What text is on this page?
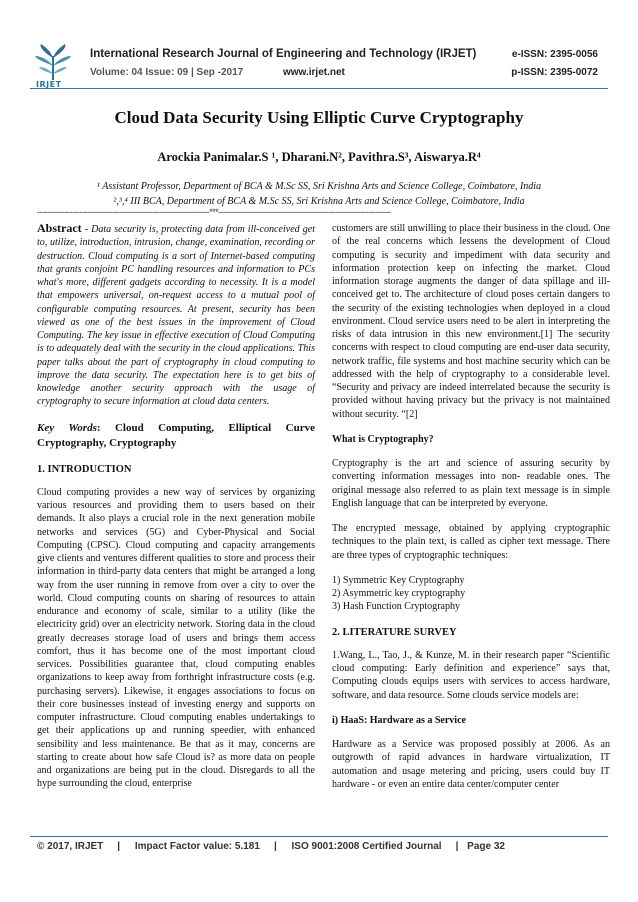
IRJET
International Research Journal of Engineering and Technology (IRJET)
Volume: 04 Issue: 09 | Sep -2017	www.irjet.net
e-ISSN: 2395-0056
p-ISSN: 2395-0072
Cloud Data Security Using Elliptic Curve Cryptography
Arockia Panimalar.S ¹, Dharani.N², Pavithra.S³, Aiswarya.R⁴
¹ Assistant Professor, Department of BCA & M.Sc SS, Sri Krishna Arts and Science College, Coimbatore, India
²,³,⁴ III BCA, Department of BCA & M.Sc SS, Sri Krishna Arts and Science College, Coimbatore, India
---------------------------------------------------------------------***---------------------------------------------------------------------

Abstract - Data security is, protecting data from ill-conceived get to, utilize, introduction, intrusion, change, examination, recording or destruction. Cloud computing is a sort of Internet-based computing that grants conjoint PC handling resources and information to PCs what's more, different gadgets according to necessity. It is a model that empowers universal, on-request access to a mutual pool of configurable computing resources. At present, security has been viewed as one of the best issues in the improvement of Cloud Computing. The key issue in effective execution of Cloud Computing is to adequately deal with the security in the cloud applications. This paper talks about the part of cryptography in cloud computing to improve the data security. The expectation here is to get bits of knowledge another security approach with the usage of cryptography to secure information at cloud data centers.

Key Words: Cloud Computing, Elliptical Curve Cryptography, Cryptography

1. INTRODUCTION

Cloud computing provides a new way of services by organizing various resources and providing them to users based on their demands. It also plays a crucial role in the next generation mobile networks and services (5G) and Cyber-Physical and Social Computing (CPSC). Cloud computing and capacity arrangements give clients and ventures different qualities to store and process their information in third-party data centers that might be arranged a long way from the user running in remove from over a city to over the world. Cloud computing counts on sharing of resources to attain endurance and economy of scale, similar to a utility (like the electricity grid) over an electricity network. Storing data in the cloud greatly decreases storage load of users and brings them access comfort, thus it has become one of the most important cloud services. Possibilities guarantee that, cloud computing enables organizations to keep away from forthright infrastructure costs (e.g. purchasing servers). Likewise, it engages associations to focus on their core businesses instead of investing energy and supports on computer infrastructure. Cloud computing enables undertakings to get their applications up and running speedier, with enhanced sensibility and less maintenance. Be that as it may, concerns are starting to create about how safe Cloud is? as more data on people and organizations are being put in the cloud. Disregards to all the hype surrounding the cloud, enterprise

customers are still unwilling to place their business in the cloud. One of the real concerns which lessens the development of Cloud computing is security and impediment with data security and information protection keep on infecting the market. Cloud information storage augments the danger of data spillage and ill-conceived get to. The architecture of cloud poses certain dangers to the security of the existing technologies when deployed in a cloud environment. Cloud service users need to be alert in interpreting the risks of data intrusion in this new environment.[1] The security concerns with respect to cloud computing are end-user data security, network traffic, file systems and host machine security which can be addressed with the help of cryptography to a considerable level. “Security and privacy are indeed interrelated because the security is provided without having privacy but the privacy is not maintained without security. “[2]

What is Cryptography?

Cryptography is the art and science of assuring security by converting information messages into non- readable ones. The original message also referred to as plain text message is in simple English language that can be interpreted by everyone.

The encrypted message, obtained by applying cryptographic techniques to the plain text, is called as cipher text message. There are three types of cryptographic techniques:

1) Symmetric Key Cryptography

2) Asymmetric key cryptography

3) Hash Function Cryptography

2. LITERATURE SURVEY

1.Wang, L., Tao, J., & Kunze, M. in their research paper “Scientific cloud computing: Early definition and experience” says that, Computing clouds equips users with services to access hardware, software, and data resource. Some clouds service models are:

i) HaaS: Hardware as a Service

Hardware as a Service was proposed possibly at 2006. As an outgrowth of rapid advances in hardware virtualization, IT automation and usage metering and pricing, users could buy IT hardware - or even an entire data center/computer center

© 2017, IRJET | Impact Factor value: 5.181 | ISO 9001:2008 Certified Journal | Page 32
